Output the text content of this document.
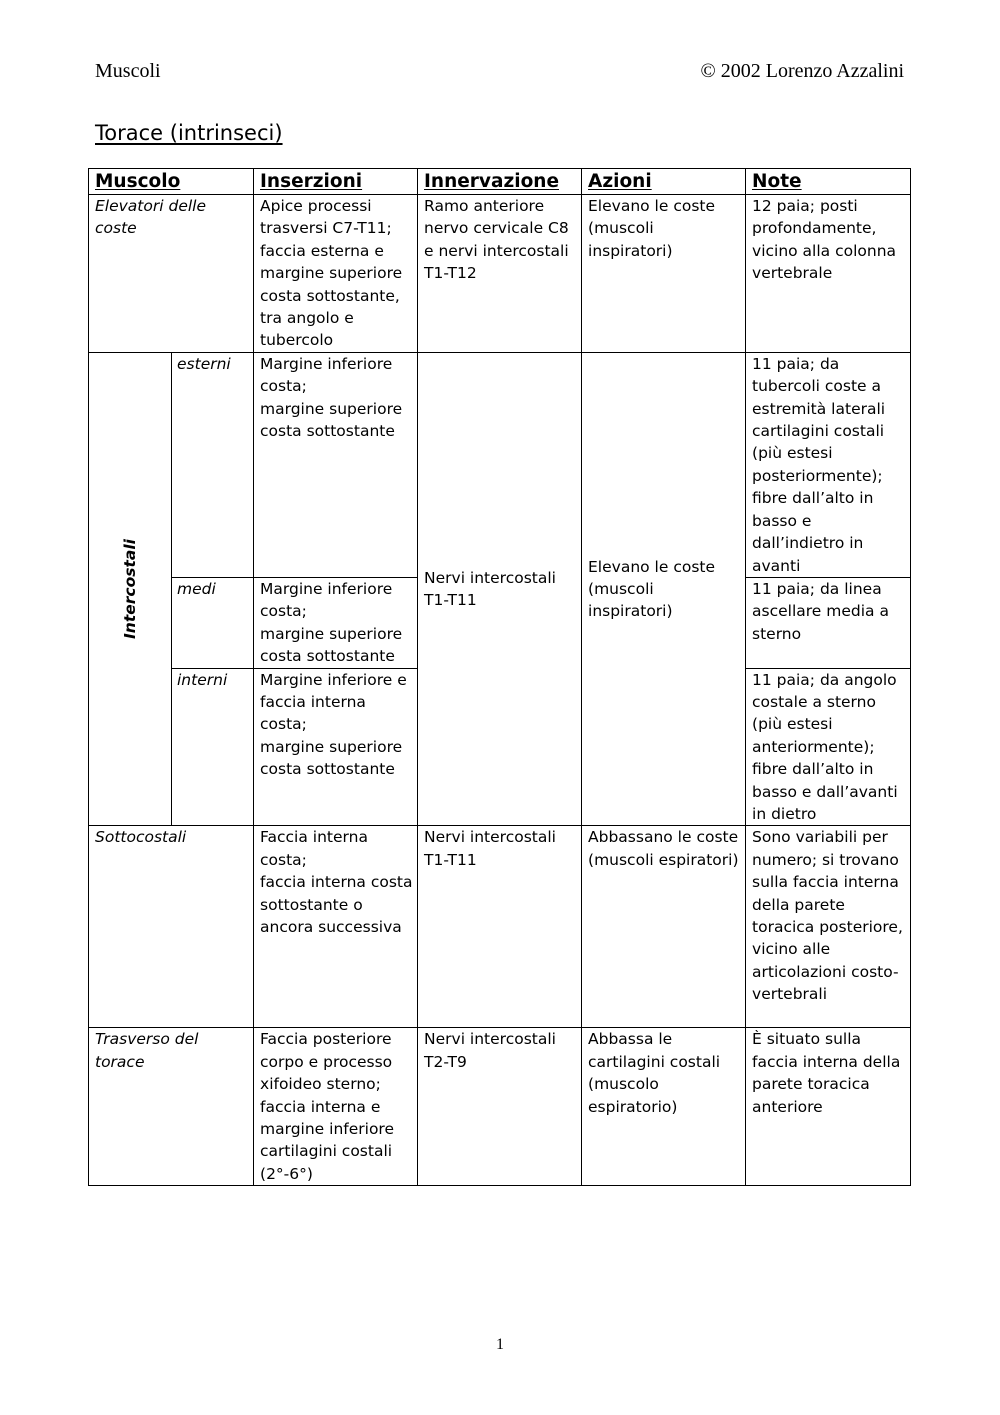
Muscoli	© 2002 Lorenzo Azzalini
Torace (intrinseci)
Muscolo		Inserzioni	Innervazione	Azioni	Note
Elevatori delle coste		Apice processi trasversi C7-T11; faccia esterna e margine superiore costa sottostante, tra angolo e tubercolo	Ramo anteriore nervo cervicale C8 e nervi intercostali T1-T12	Elevano le coste (muscoli inspiratori)	12 paia; posti profondamente, vicino alla colonna vertebrale

Intercostali	esterni	Margine inferiore costa;
margine superiore costa sottostante	Nervi intercostali T1-T11	Elevano le coste (muscoli inspiratori)	11 paia; da tubercoli coste a estremità laterali cartilagini costali (più estesi posteriormente); fibre dall’alto in basso e dall’indietro in avanti
	medi	Margine inferiore costa;
margine superiore costa sottostante			11 paia; da linea ascellare media a sterno
	interni	Margine inferiore e faccia interna costa;
margine superiore costa sottostante			11 paia; da angolo costale a sterno (più estesi anteriormente); fibre dall’alto in basso e dall’avanti in dietro
Sottocostali		Faccia interna costa;
faccia interna costa sottostante o ancora successiva	Nervi intercostali T1-T11	Abbassano le coste (muscoli espiratori)	Sono variabili per numero; si trovano sulla faccia interna della parete toracica posteriore, vicino alle articolazioni costo-vertebrali
Trasverso del torace		Faccia posteriore corpo e processo xifoideo sterno; faccia interna e margine inferiore cartilagini costali (2°-6°)	Nervi intercostali T2-T9	Abbassa le cartilagini costali (muscolo espiratorio)	È situato sulla faccia interna della parete toracica anteriore
1
